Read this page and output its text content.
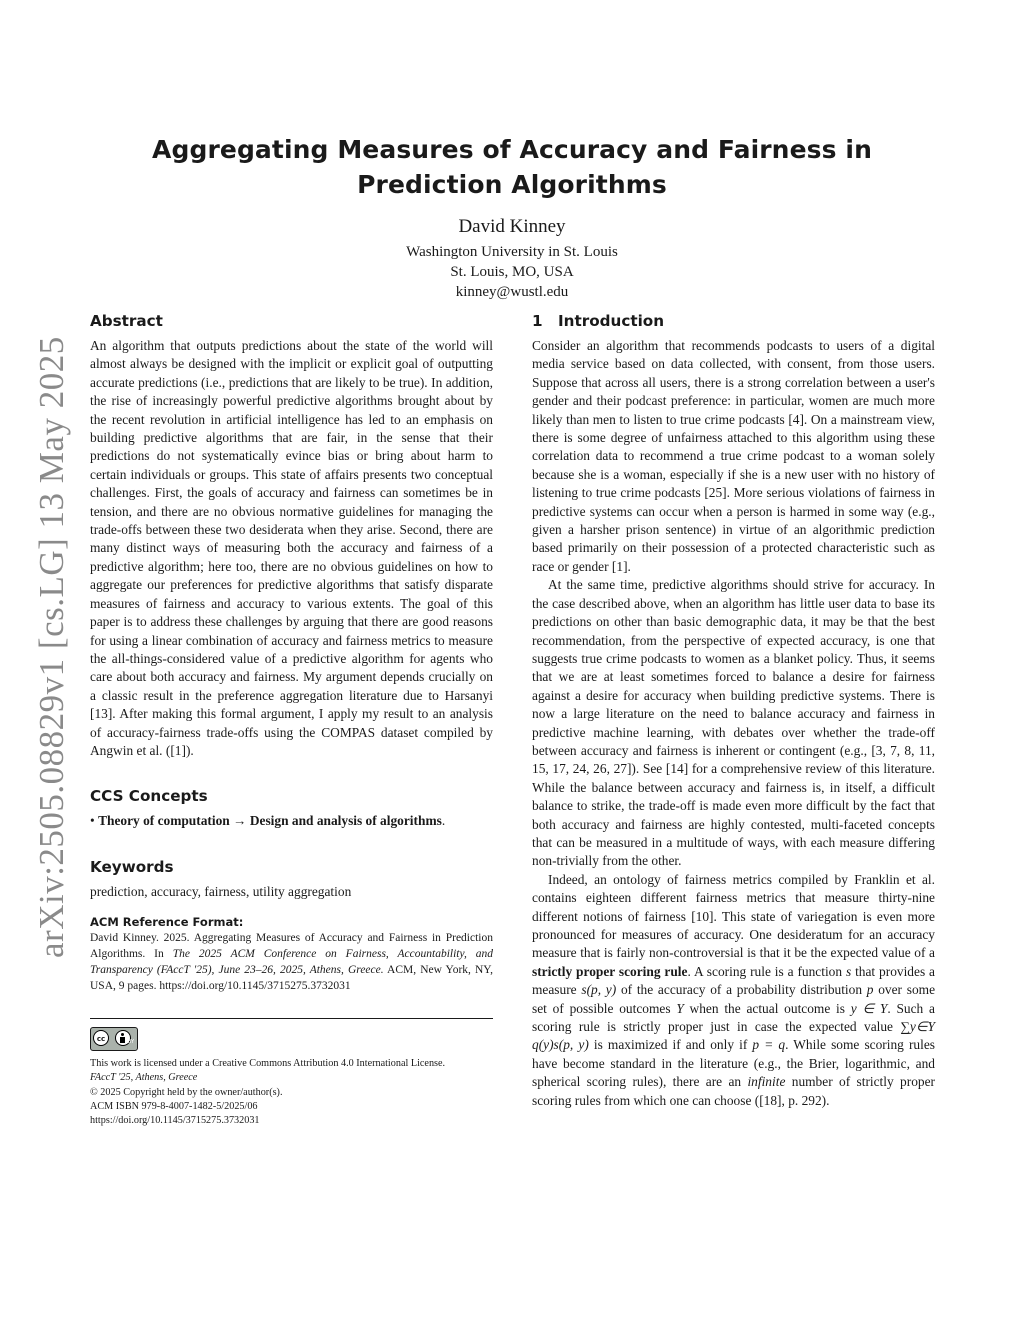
arXiv:2505.08829v1 [cs.LG] 13 May 2025
Aggregating Measures of Accuracy and Fairness in Prediction Algorithms
David Kinney
Washington University in St. Louis
St. Louis, MO, USA
kinney@wustl.edu
Abstract

An algorithm that outputs predictions about the state of the world will almost always be designed with the implicit or explicit goal of outputting accurate predictions (i.e., predictions that are likely to be true). In addition, the rise of increasingly powerful predictive algorithms brought about by the recent revolution in artificial intelligence has led to an emphasis on building predictive algorithms that are fair, in the sense that their predictions do not systematically evince bias or bring about harm to certain individuals or groups. This state of affairs presents two conceptual challenges. First, the goals of accuracy and fairness can sometimes be in tension, and there are no obvious normative guidelines for managing the trade-offs between these two desiderata when they arise. Second, there are many distinct ways of measuring both the accuracy and fairness of a predictive algorithm; here too, there are no obvious guidelines on how to aggregate our preferences for predictive algorithms that satisfy disparate measures of fairness and accuracy to various extents. The goal of this paper is to address these challenges by arguing that there are good reasons for using a linear combination of accuracy and fairness metrics to measure the all-things-considered value of a predictive algorithm for agents who care about both accuracy and fairness. My argument depends crucially on a classic result in the preference aggregation literature due to Harsanyi [13]. After making this formal argument, I apply my result to an analysis of accuracy-fairness trade-offs using the COMPAS dataset compiled by Angwin et al. ([1]).

CCS Concepts

• Theory of computation → Design and analysis of algorithms.

Keywords

prediction, accuracy, fairness, utility aggregation

ACM Reference Format:

David Kinney. 2025. Aggregating Measures of Accuracy and Fairness in Prediction Algorithms. In The 2025 ACM Conference on Fairness, Accountability, and Transparency (FAccT '25), June 23–26, 2025, Athens, Greece. ACM, New York, NY, USA, 9 pages. https://doi.org/10.1145/3715275.3732031

cc	BY
This work is licensed under a Creative Commons Attribution 4.0 International License.
FAccT '25, Athens, Greece
© 2025 Copyright held by the owner/author(s).
ACM ISBN 979-8-4007-1482-5/2025/06
https://doi.org/10.1145/3715275.3732031
1 Introduction

Consider an algorithm that recommends podcasts to users of a digital media service based on data collected, with consent, from those users. Suppose that across all users, there is a strong correlation between a user's gender and their podcast preference: in particular, women are much more likely than men to listen to true crime podcasts [4]. On a mainstream view, there is some degree of unfairness attached to this algorithm using these correlation data to recommend a true crime podcast to a woman solely because she is a woman, especially if she is a new user with no history of listening to true crime podcasts [25]. More serious violations of fairness in predictive systems can occur when a person is harmed in some way (e.g., given a harsher prison sentence) in virtue of an algorithmic prediction based primarily on their possession of a protected characteristic such as race or gender [1].

At the same time, predictive algorithms should strive for accuracy. In the case described above, when an algorithm has little user data to base its predictions on other than basic demographic data, it may be that the best recommendation, from the perspective of expected accuracy, is one that suggests true crime podcasts to women as a blanket policy. Thus, it seems that we are at least sometimes forced to balance a desire for fairness against a desire for accuracy when building predictive systems. There is now a large literature on the need to balance accuracy and fairness in predictive machine learning, with debates over whether the trade-off between accuracy and fairness is inherent or contingent (e.g., [3, 7, 8, 11, 15, 17, 24, 26, 27]). See [14] for a comprehensive review of this literature. While the balance between accuracy and fairness is, in itself, a difficult balance to strike, the trade-off is made even more difficult by the fact that both accuracy and fairness are highly contested, multi-faceted concepts that can be measured in a multitude of ways, with each measure differing non-trivially from the other.

Indeed, an ontology of fairness metrics compiled by Franklin et al. contains eighteen different fairness metrics that measure thirty-nine different notions of fairness [10]. This state of variegation is even more pronounced for measures of accuracy. One desideratum for an accuracy measure that is fairly non-controversial is that it be the expected value of a strictly proper scoring rule. A scoring rule is a function s that provides a measure s(p, y) of the accuracy of a probability distribution p over some set of possible outcomes Y when the actual outcome is y ∈ Y. Such a scoring rule is strictly proper just in case the expected value ∑y∈Y q(y)s(p, y) is maximized if and only if p = q. While some scoring rules have become standard in the literature (e.g., the Brier, logarithmic, and spherical scoring rules), there are an infinite number of strictly proper scoring rules from which one can choose ([18], p. 292).
